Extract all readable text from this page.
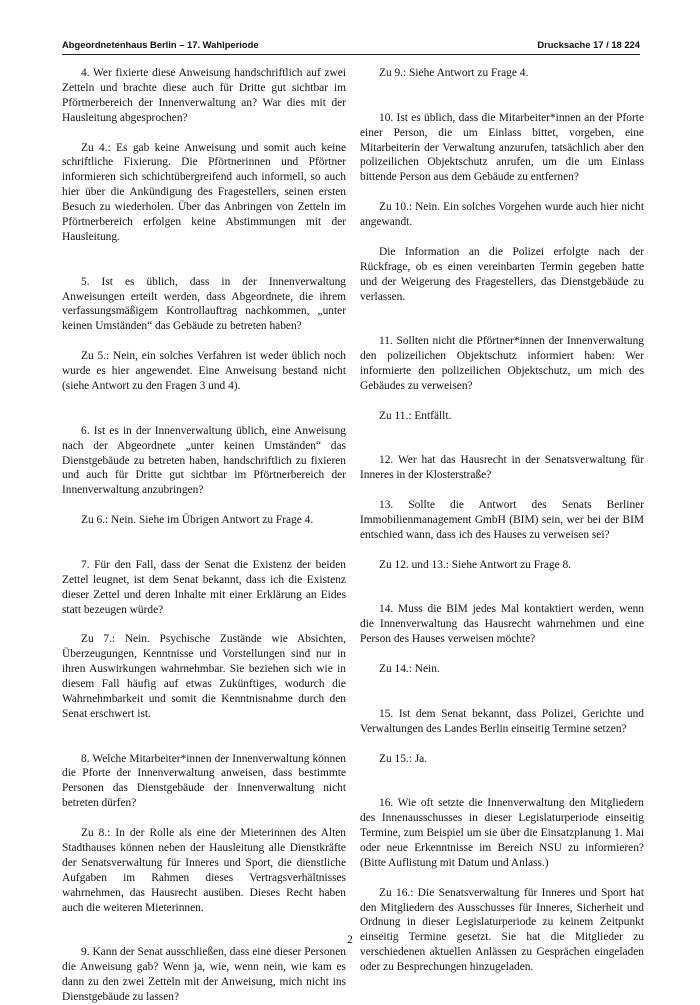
Abgeordnetenhaus Berlin – 17. Wahlperiode	Drucksache 17 / 18 224

4. Wer fixierte diese Anweisung handschriftlich auf zwei Zetteln und brachte diese auch für Dritte gut sichtbar im Pförtnerbereich der Innenverwaltung an? War dies mit der Hausleitung abgesprochen?

Zu 4.: Es gab keine Anweisung und somit auch keine schriftliche Fixierung. Die Pförtnerinnen und Pförtner informieren sich schichtübergreifend auch informell, so auch hier über die Ankündigung des Fragestellers, seinen ersten Besuch zu wiederholen. Über das Anbringen von Zetteln im Pförtnerbereich erfolgen keine Abstimmungen mit der Hausleitung.

5. Ist es üblich, dass in der Innenverwaltung Anweisungen erteilt werden, dass Abgeordnete, die ihrem verfassungsmäßigem Kontrollauftrag nachkommen, „unter keinen Umständen“ das Gebäude zu betreten haben?

Zu 5.: Nein, ein solches Verfahren ist weder üblich noch wurde es hier angewendet. Eine Anweisung bestand nicht (siehe Antwort zu den Fragen 3 und 4).

6. Ist es in der Innenverwaltung üblich, eine Anweisung nach der Abgeordnete „unter keinen Umständen“ das Dienstgebäude zu betreten haben, handschriftlich zu fixieren und auch für Dritte gut sichtbar im Pförtnerbereich der Innenverwaltung anzubringen?

Zu 6.: Nein. Siehe im Übrigen Antwort zu Frage 4.

7. Für den Fall, dass der Senat die Existenz der beiden Zettel leugnet, ist dem Senat bekannt, dass ich die Existenz dieser Zettel und deren Inhalte mit einer Erklärung an Eides statt bezeugen würde?

Zu 7.: Nein. Psychische Zustände wie Absichten, Überzeugungen, Kenntnisse und Vorstellungen sind nur in ihren Auswirkungen wahrnehmbar. Sie beziehen sich wie in diesem Fall häufig auf etwas Zukünftiges, wodurch die Wahrnehmbarkeit und somit die Kenntnisnahme durch den Senat erschwert ist.

8. Welche Mitarbeiter*innen der Innenverwaltung können die Pforte der Innenverwaltung anweisen, dass bestimmte Personen das Dienstgebäude der Innenverwaltung nicht betreten dürfen?

Zu 8.: In der Rolle als eine der Mieterinnen des Alten Stadthauses können neben der Hausleitung alle Dienstkräfte der Senatsverwaltung für Inneres und Sport, die dienstliche Aufgaben im Rahmen dieses Vertragsverhältnisses wahrnehmen, das Hausrecht ausüben. Dieses Recht haben auch die weiteren Mieterinnen.

9. Kann der Senat ausschließen, dass eine dieser Personen die Anweisung gab? Wenn ja, wie, wenn nein, wie kam es dann zu den zwei Zetteln mit der Anweisung, mich nicht ins Dienstgebäude zu lassen?

Zu 9.: Siehe Antwort zu Frage 4.

10. Ist es üblich, dass die Mitarbeiter*innen an der Pforte einer Person, die um Einlass bittet, vorgeben, eine Mitarbeiterin der Verwaltung anzurufen, tatsächlich aber den polizeilichen Objektschutz anrufen, um die um Einlass bittende Person aus dem Gebäude zu entfernen?

Zu 10.: Nein. Ein solches Vorgehen wurde auch hier nicht angewandt.

Die Information an die Polizei erfolgte nach der Rückfrage, ob es einen vereinbarten Termin gegeben hatte und der Weigerung des Fragestellers, das Dienstgebäude zu verlassen.

11. Sollten nicht die Pförtner*innen der Innenverwaltung den polizeilichen Objektschutz informiert haben: Wer informierte den polizeilichen Objektschutz, um mich des Gebäudes zu verweisen?

Zu 11.: Entfällt.

12. Wer hat das Hausrecht in der Senatsverwaltung für Inneres in der Klosterstraße?

13. Sollte die Antwort des Senats Berliner Immobilienmanagement GmbH (BIM) sein, wer bei der BIM entschied wann, dass ich des Hauses zu verweisen sei?

Zu 12. und 13.: Siehe Antwort zu Frage 8.

14. Muss die BIM jedes Mal kontaktiert werden, wenn die Innenverwaltung das Hausrecht wahrnehmen und eine Person des Hauses verweisen möchte?

Zu 14.: Nein.

15. Ist dem Senat bekannt, dass Polizei, Gerichte und Verwaltungen des Landes Berlin einseitig Termine setzen?

Zu 15.: Ja.

16. Wie oft setzte die Innenverwaltung den Mitgliedern des Innenausschusses in dieser Legislaturperiode einseitig Termine, zum Beispiel um sie über die Einsatzplanung 1. Mai oder neue Erkenntnisse im Bereich NSU zu informieren? (Bitte Auflistung mit Datum und Anlass.)

Zu 16.: Die Senatsverwaltung für Inneres und Sport hat den Mitgliedern des Ausschusses für Inneres, Sicherheit und Ordnung in dieser Legislaturperiode zu keinem Zeitpunkt einseitig Termine gesetzt. Sie hat die Mitglieder zu verschiedenen aktuellen Anlässen zu Gesprächen eingeladen oder zu Besprechungen hinzugeladen.

2
